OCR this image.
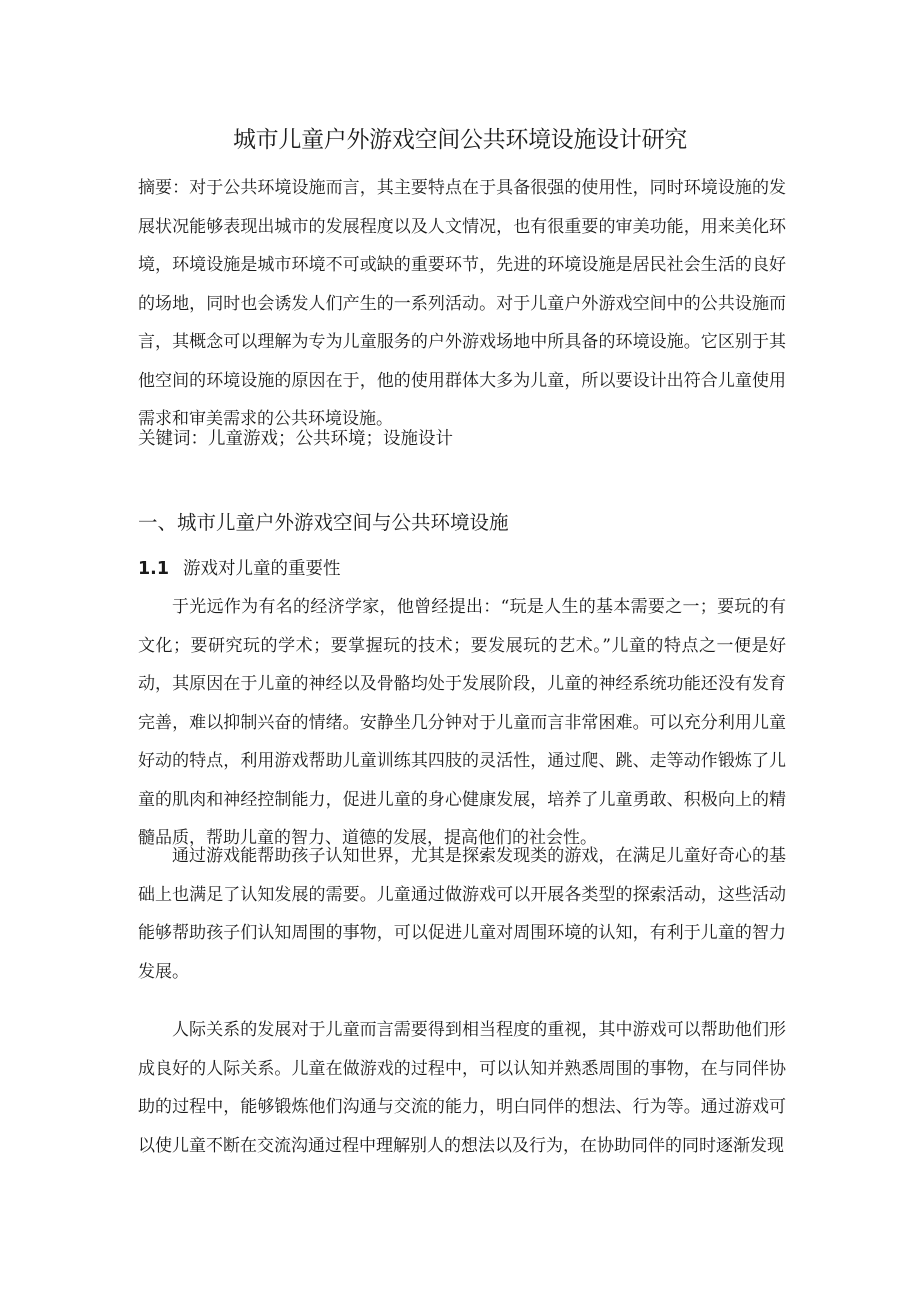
城市儿童户外游戏空间公共环境设施设计研究

摘要：对于公共环境设施而言，其主要特点在于具备很强的使用性，同时环境设施的发展状况能够表现出城市的发展程度以及人文情况，也有很重要的审美功能，用来美化环境，环境设施是城市环境不可或缺的重要环节，先进的环境设施是居民社会生活的良好的场地，同时也会诱发人们产生的一系列活动。对于儿童户外游戏空间中的公共设施而言，其概念可以理解为专为儿童服务的户外游戏场地中所具备的环境设施。它区别于其他空间的环境设施的原因在于，他的使用群体大多为儿童，所以要设计出符合儿童使用需求和审美需求的公共环境设施。

关键词：儿童游戏；公共环境；设施设计

一、城市儿童户外游戏空间与公共环境设施
1.1 游戏对儿童的重要性

于光远作为有名的经济学家，他曾经提出：“玩是人生的基本需要之一；要玩的有文化；要研究玩的学术；要掌握玩的技术；要发展玩的艺术。”儿童的特点之一便是好动，其原因在于儿童的神经以及骨骼均处于发展阶段，儿童的神经系统功能还没有发育完善，难以抑制兴奋的情绪。安静坐几分钟对于儿童而言非常困难。可以充分利用儿童好动的特点，利用游戏帮助儿童训练其四肢的灵活性，通过爬、跳、走等动作锻炼了儿童的肌肉和神经控制能力，促进儿童的身心健康发展，培养了儿童勇敢、积极向上的精髓品质，帮助儿童的智力、道德的发展，提高他们的社会性。

通过游戏能帮助孩子认知世界，尤其是探索发现类的游戏，在满足儿童好奇心的基础上也满足了认知发展的需要。儿童通过做游戏可以开展各类型的探索活动，这些活动能够帮助孩子们认知周围的事物，可以促进儿童对周围环境的认知，有利于儿童的智力发展。

人际关系的发展对于儿童而言需要得到相当程度的重视，其中游戏可以帮助他们形成良好的人际关系。儿童在做游戏的过程中，可以认知并熟悉周围的事物，在与同伴协助的过程中，能够锻炼他们沟通与交流的能力，明白同伴的想法、行为等。通过游戏可以使儿童不断在交流沟通过程中理解别人的想法以及行为，在协助同伴的同时逐渐发现
